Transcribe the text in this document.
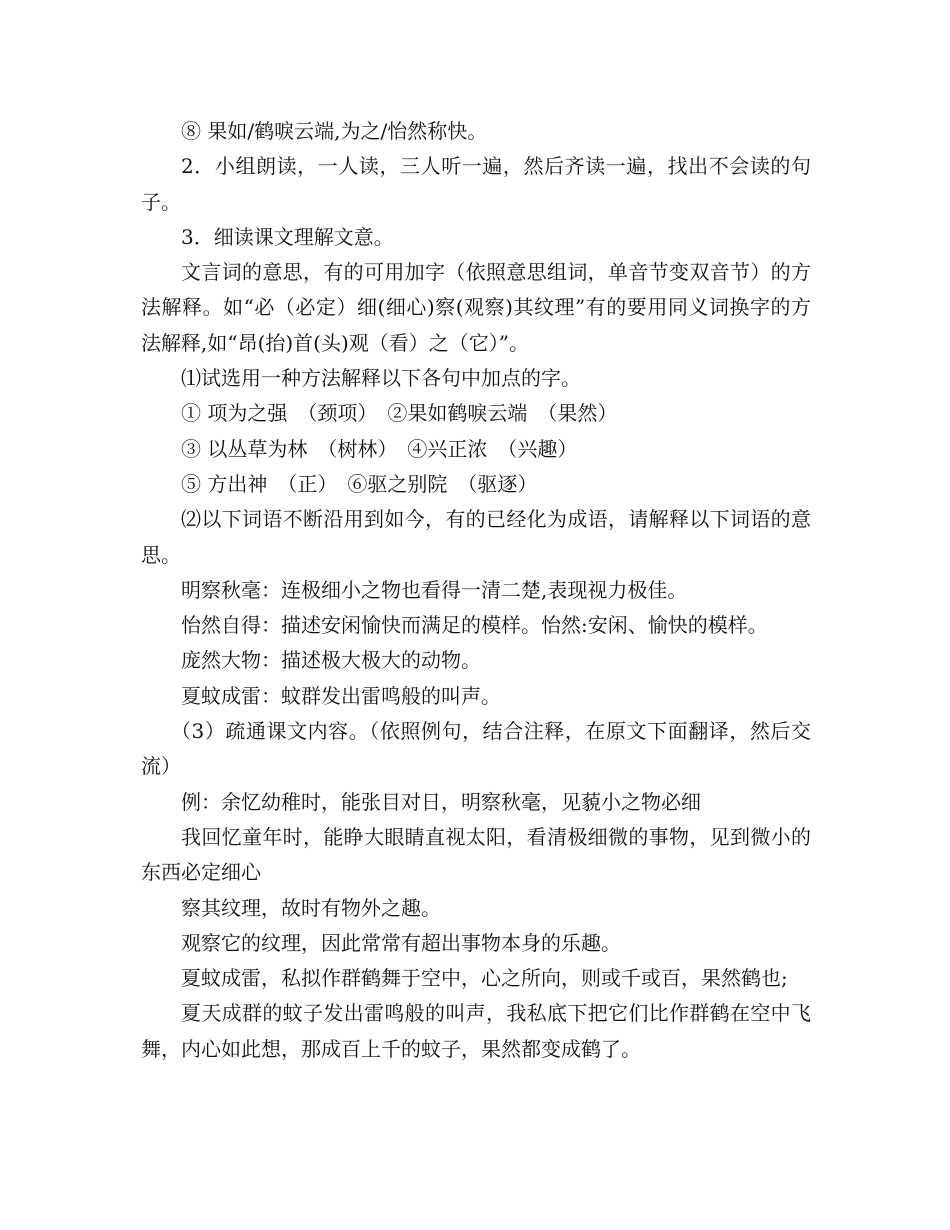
⑧ 果如/鹤唳云端,为之/怡然称快。

2．小组朗读，一人读，三人听一遍，然后齐读一遍，找出不会读的句子。

3．细读课文理解文意。

文言词的意思，有的可用加字（依照意思组词，单音节变双音节）的方法解释。如“必（必定）细(细心)察(观察)其纹理”有的要用同义词换字的方法解释,如“昂(抬)首(头)观（看）之（它）”。

⑴试选用一种方法解释以下各句中加点的字。

① 项为之强　（颈项）　②果如鹤唳云端　（果然）

③ 以丛草为林　（树林）　④兴正浓　（兴趣）

⑤ 方出神　（正）　⑥驱之别院　（驱逐）

⑵以下词语不断沿用到如今，有的已经化为成语，请解释以下词语的意思。

明察秋毫：连极细小之物也看得一清二楚,表现视力极佳。

怡然自得：描述安闲愉快而满足的模样。怡然:安闲、愉快的模样。

庞然大物：描述极大极大的动物。

夏蚊成雷：蚊群发出雷鸣般的叫声。

（3）疏通课文内容。（依照例句，结合注释，在原文下面翻译，然后交流）

例：余忆幼稚时，能张目对日，明察秋毫，见藐小之物必细

我回忆童年时，能睁大眼睛直视太阳，看清极细微的事物，见到微小的东西必定细心

察其纹理，故时有物外之趣。

观察它的纹理，因此常常有超出事物本身的乐趣。

夏蚊成雷，私拟作群鹤舞于空中，心之所向，则或千或百，果然鹤也;

夏天成群的蚊子发出雷鸣般的叫声，我私底下把它们比作群鹤在空中飞舞，内心如此想，那成百上千的蚊子，果然都变成鹤了。
